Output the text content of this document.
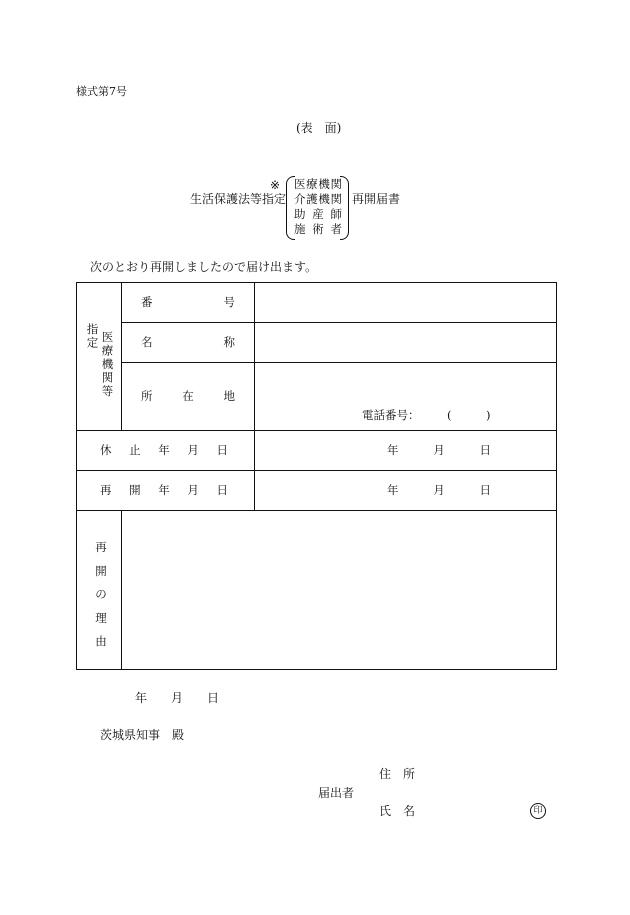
様式第7号
(表　面)
※
生活保護法等指定
医療機関
介護機関
助 産 師
施 術 者
再開届書
次のとおり再開しましたので届け出ます。
指定 医療機関等
番	号
名	称
所	在	地
電話番号： (　　　)
休 止 年 月 日	年	月	日
再 開 年 月 日	年	月	日
再
開
の
理
由
年 月 日
茨城県知事　殿
住　所
届出者
氏　名	印
